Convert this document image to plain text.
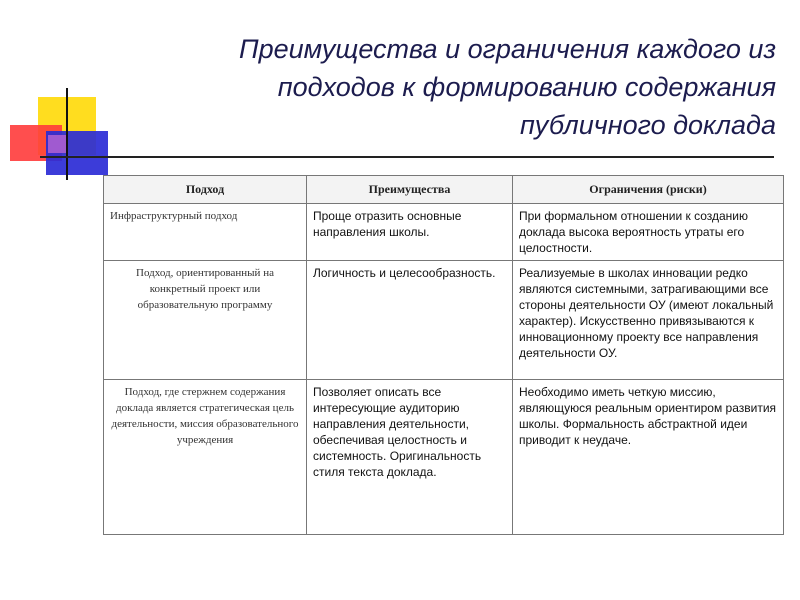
Преимущества и ограничения каждого из
подходов к формированию содержания
публичного доклада
Подход	Преимущества	Ограничения (риски)
Инфраструктурный подход	Проще отразить основные направления школы.	При формальном отношении к созданию доклада высока вероятность утраты его целостности.
Подход, ориентированный на конкретный проект или образовательную программу	Логичность и целесообразность.	Реализуемые в школах инновации редко являются системными, затрагивающими все стороны деятельности ОУ (имеют локальный характер). Искусственно привязываются к инновационному проекту все направления деятельности ОУ.
Подход, где стержнем содержания доклада является стратегическая цель деятельности, миссия образовательного учреждения	Позволяет описать все интересующие аудиторию направления деятельности, обеспечивая целостность и системность. Оригинальность стиля текста доклада.	Необходимо иметь четкую миссию, являющуюся реальным ориентиром развития школы. Формальность абстрактной идеи приводит к неудаче.
